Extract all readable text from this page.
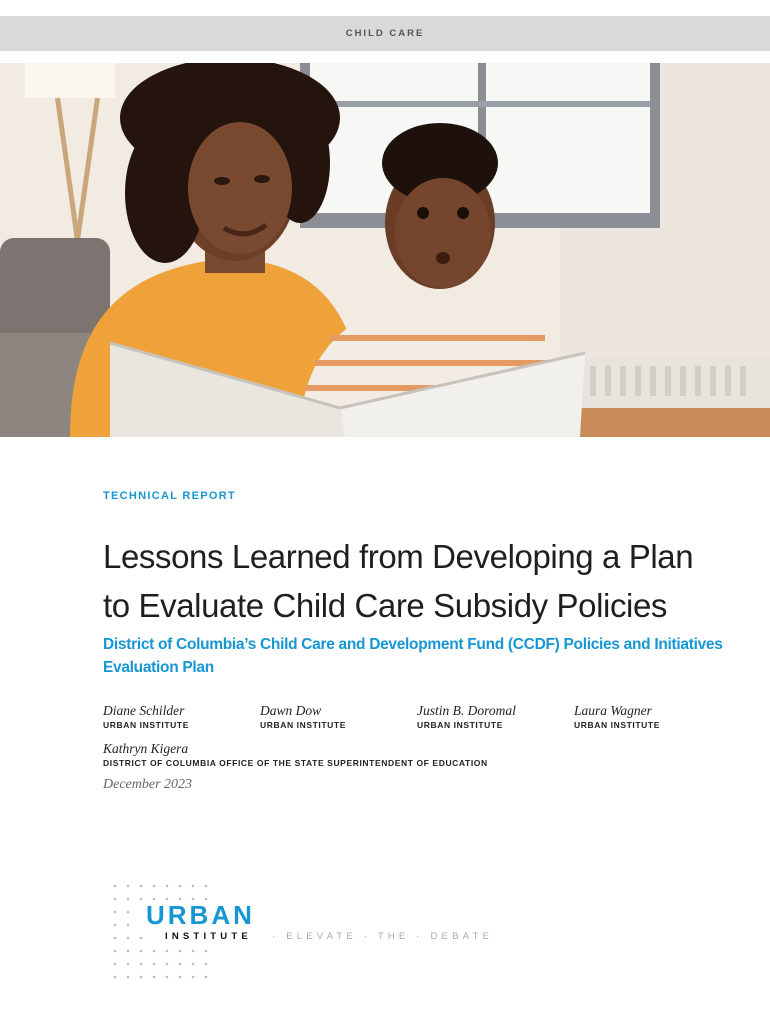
CHILD CARE
TECHNICAL REPORT
Lessons Learned from Developing a Plan
to Evaluate Child Care Subsidy Policies
District of Columbia’s Child Care and Development Fund (CCDF) Policies and Initiatives Evaluation Plan
Diane Schilder
URBAN INSTITUTE
Dawn Dow
URBAN INSTITUTE
Justin B. Doromal
URBAN INSTITUTE
Laura Wagner
URBAN INSTITUTE
Kathryn Kigera
DISTRICT OF COLUMBIA OFFICE OF THE STATE SUPERINTENDENT OF EDUCATION
December 2023
URBAN
INSTITUTE · ELEVATE · THE · DEBATE
